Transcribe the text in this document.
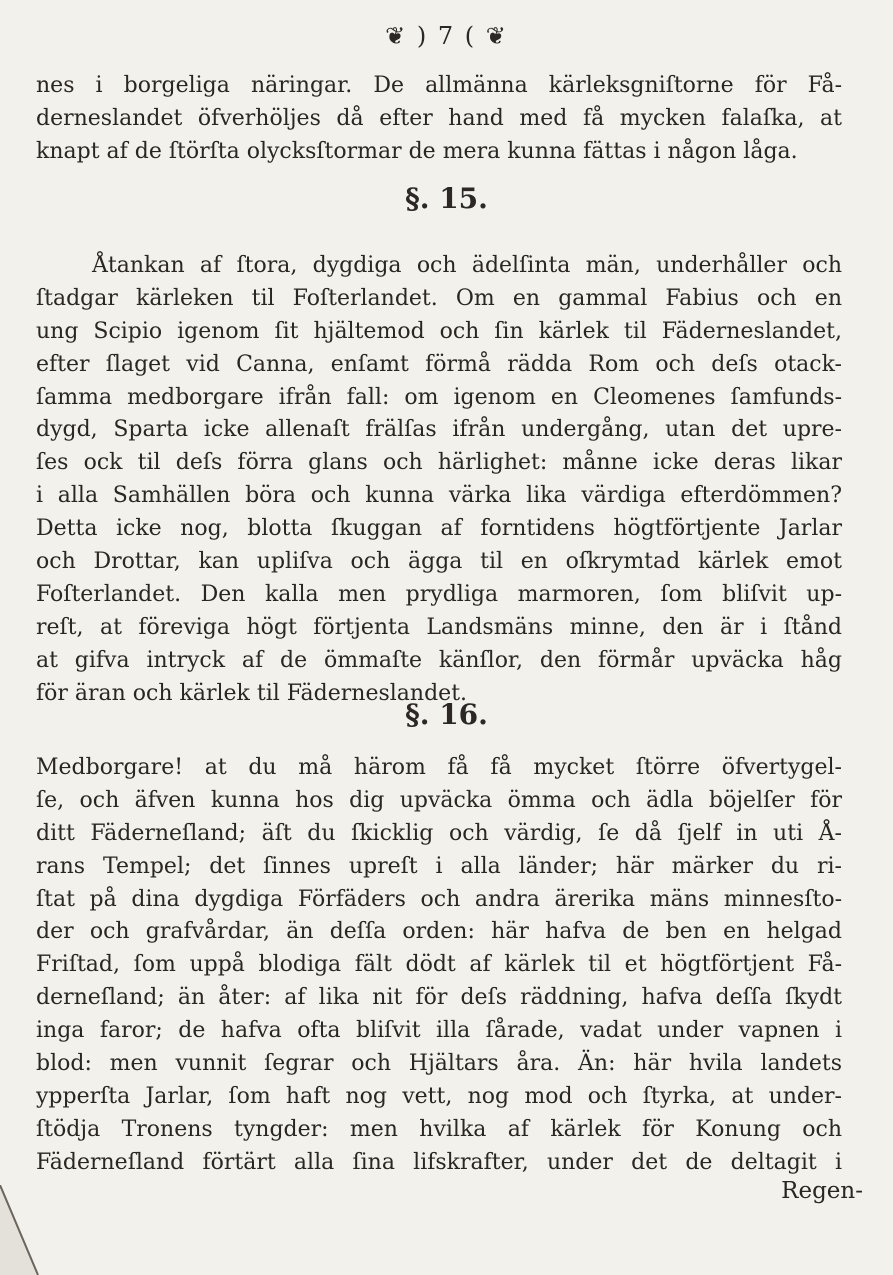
❦ ) 7 ( ❦
nes i borgeliga näringar. De allmänna kärleksgniſtorne för Få-
derneslandet öfverhöljes då efter hand med få mycken falaſka, at
knapt af de ſtörſta olycksſtormar de mera kunna fättas i någon låga.
§. 15.
Åtankan af ſtora, dygdiga och ädelſinta män, underhåller och
ſtadgar kärleken til Foſterlandet. Om en gammal Fabius och en
ung Scipio igenom ſit hjältemod och ſin kärlek til Fäderneslandet,
efter ſlaget vid Canna, enſamt förmå rädda Rom och deſs otack-
ſamma medborgare ifrån fall: om igenom en Cleomenes ſamfunds-
dygd, Sparta icke allenaſt frälſas ifrån undergång, utan det upre-
ſes ock til deſs förra glans och härlighet: månne icke deras likar
i alla Samhällen böra och kunna värka lika värdiga efterdömmen?
Detta icke nog, blotta ſkuggan af forntidens högtförtjente Jarlar
och Drottar, kan upliſva och ägga til en oſkrymtad kärlek emot
Foſterlandet. Den kalla men prydliga marmoren, ſom bliſvit up-
reſt, at föreviga högt förtjenta Landsmäns minne, den är i ſtånd
at gifva intryck af de ömmaſte känſlor, den förmår upväcka håg
för äran och kärlek til Fäderneslandet.
§. 16.
Medborgare! at du må härom få få mycket ſtörre öfvertygel-
ſe, och äfven kunna hos dig upväcka ömma och ädla böjelſer för
ditt Fäderneſland; äſt du ſkicklig och värdig, ſe då ſjelf in uti Å-
rans Tempel; det ſinnes upreſt i alla länder; här märker du ri-
ſtat på dina dygdiga Förfäders och andra ärerika mäns minnesſto-
der och grafvårdar, än deſſa orden: här hafva de ben en helgad
Friſtad, ſom uppå blodiga fält dödt af kärlek til et högtförtjent Få-
derneſland; än åter: af lika nit för deſs räddning, hafva deſſa ſkydt
inga faror; de hafva ofta bliſvit illa ſårade, vadat under vapnen i
blod: men vunnit ſegrar och Hjältars åra. Än: här hvila landets
ypperſta Jarlar, ſom haft nog vett, nog mod och ſtyrka, at under-
ſtödja Tronens tyngder: men hvilka af kärlek för Konung och
Fäderneſland förtärt alla ſina lifskrafter, under det de deltagit i
Regen-
